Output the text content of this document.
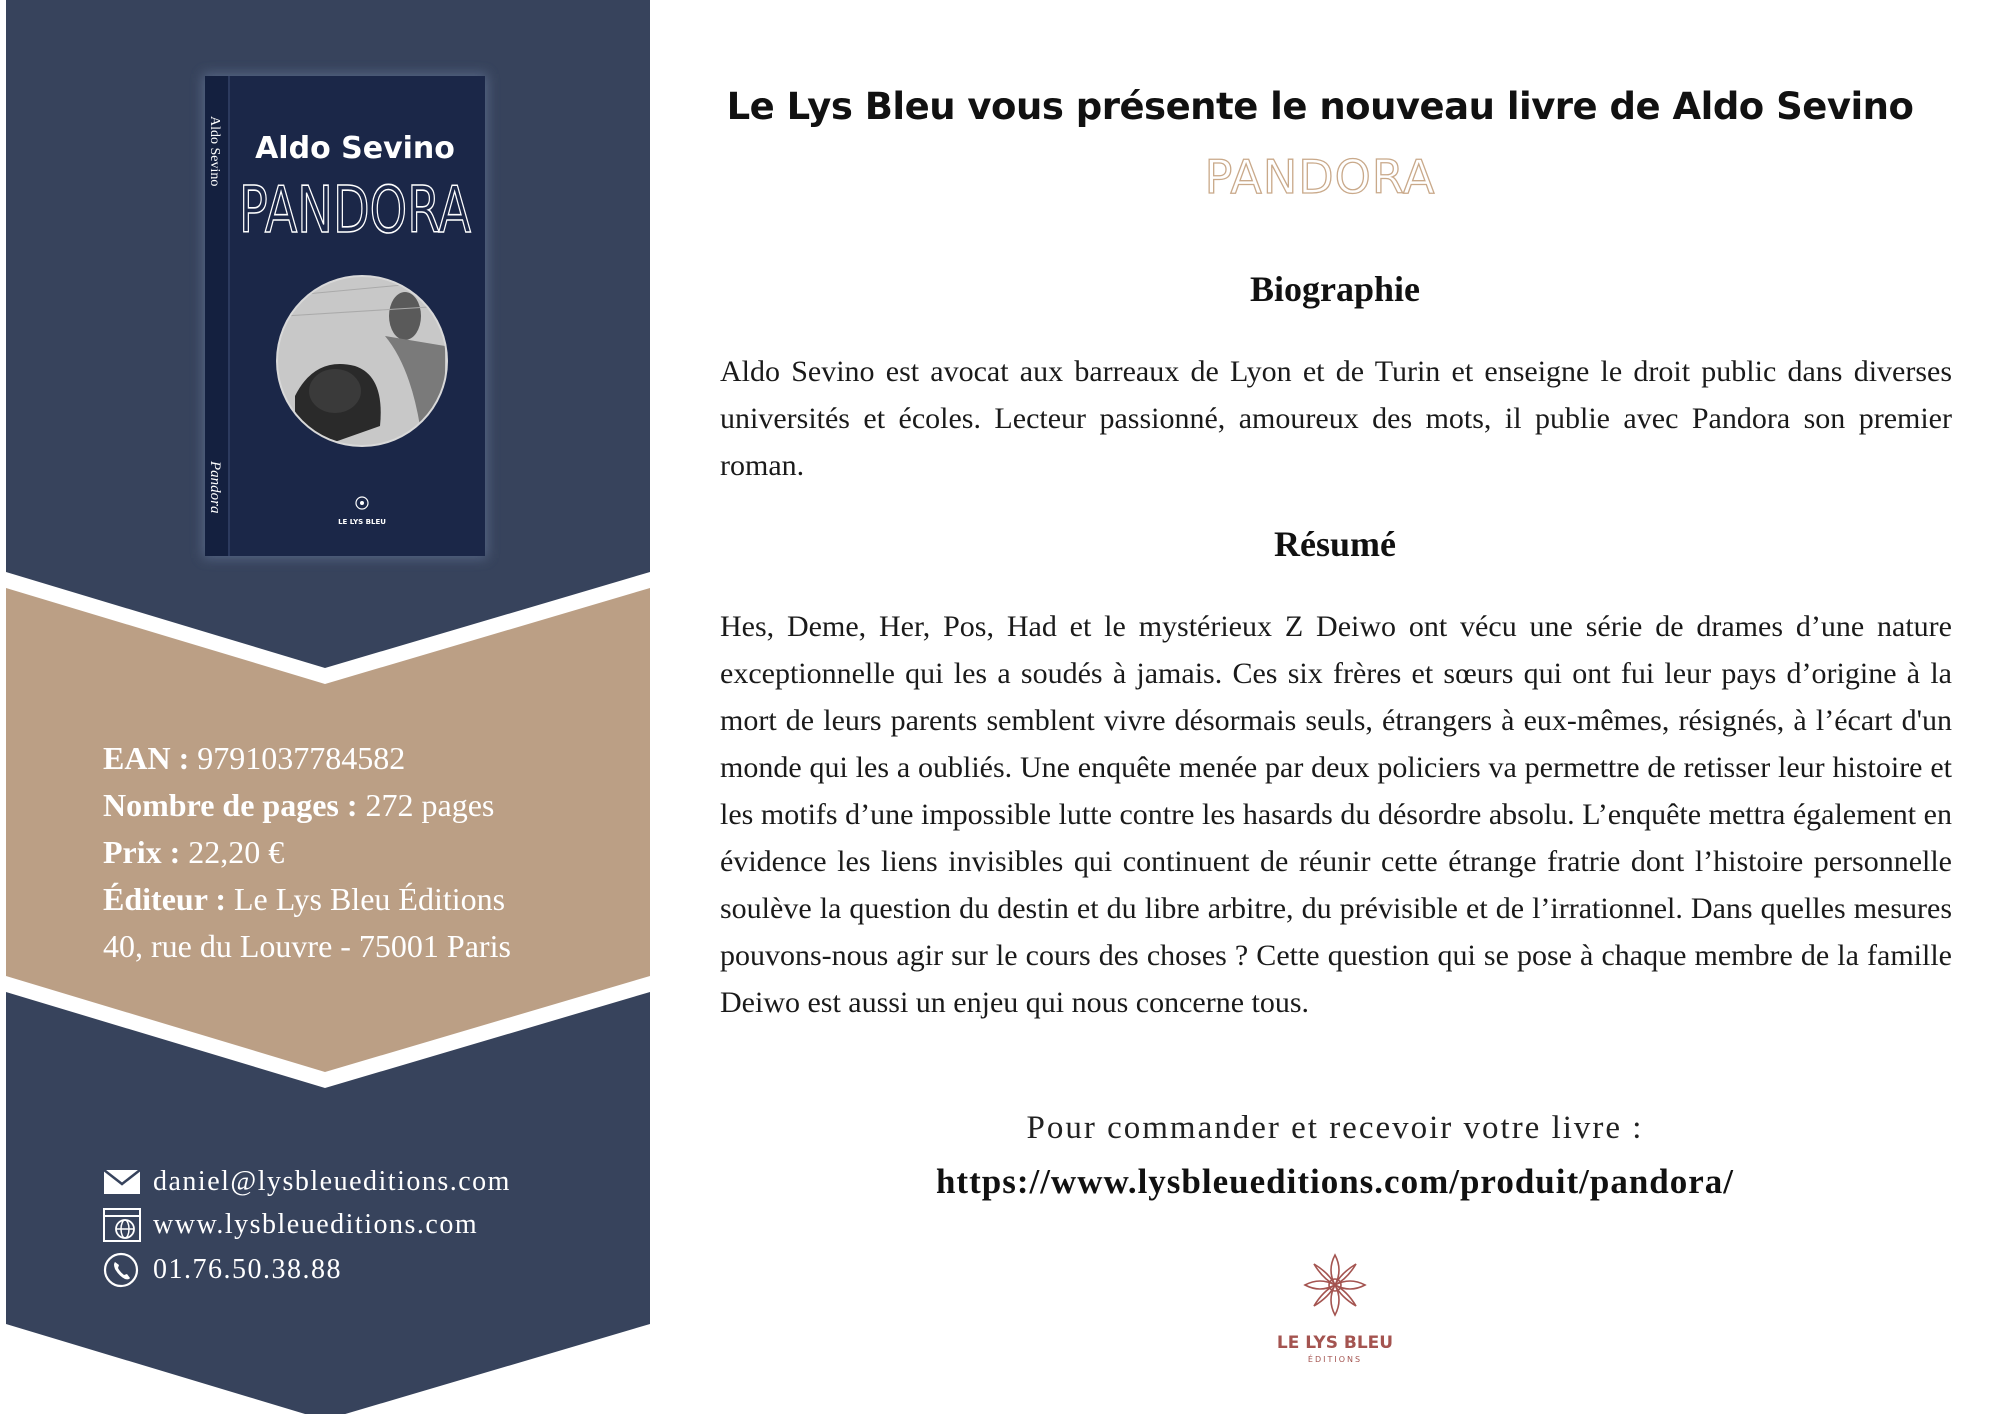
Aldo Sevino
Pandora
Aldo Sevino
PANDORA
LE LYS BLEU
EAN : 9791037784582
Nombre de pages : 272 pages
Prix : 22,20 €
Éditeur : Le Lys Bleu Éditions
40, rue du Louvre - 75001 Paris
daniel@lysbleueditions.com
www.lysbleueditions.com
01.76.50.38.88
Le Lys Bleu vous présente le nouveau livre de Aldo Sevino
PANDORA
Biographie
Aldo Sevino est avocat aux barreaux de Lyon et de Turin et enseigne le droit public dans diverses universités et écoles. Lecteur passionné, amoureux des mots, il publie avec Pandora son premier roman.
Résumé
Hes, Deme, Her, Pos, Had et le mystérieux Z Deiwo ont vécu une série de drames d’une nature exceptionnelle qui les a soudés à jamais. Ces six frères et sœurs qui ont fui leur pays d’origine à la mort de leurs parents semblent vivre désormais seuls, étrangers à eux-mêmes, résignés, à l’écart d'un monde qui les a oubliés. Une enquête menée par deux policiers va permettre de retisser leur histoire et les motifs d’une impossible lutte contre les hasards du désordre absolu. L’enquête mettra également en évidence les liens invisibles qui continuent de réunir cette étrange fratrie dont l’histoire personnelle soulève la question du destin et du libre arbitre, du prévisible et de l’irrationnel. Dans quelles mesures pouvons-nous agir sur le cours des choses ? Cette question qui se pose à chaque membre de la famille Deiwo est aussi un enjeu qui nous concerne tous.
Pour commander et recevoir votre livre :
https://www.lysbleueditions.com/produit/pandora/
LE LYS BLEU
ÉDITIONS
